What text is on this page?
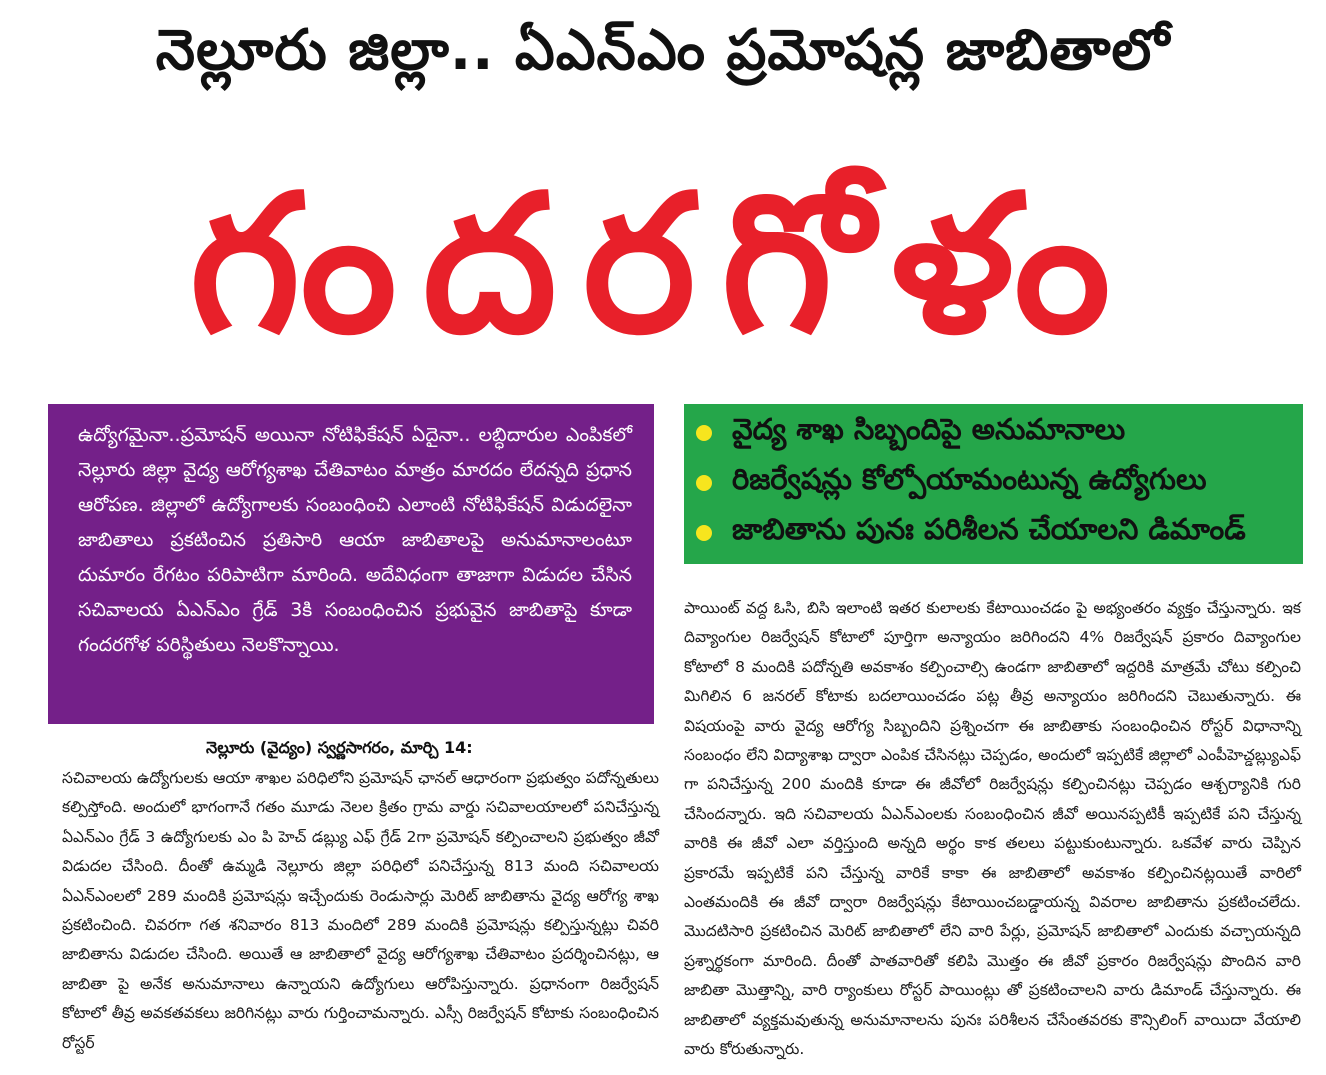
నెల్లూరు జిల్లా.. ఏఎన్ఎం ప్రమోషన్ల జాబితాలో
గందరగోళం
ఉద్యోగమైనా..ప్రమోషన్ అయినా నోటిఫికేషన్ ఏదైనా.. లబ్ధిదారుల ఎంపికలో నెల్లూరు జిల్లా వైద్య ఆరోగ్యశాఖ చేతివాటం మాత్రం మారదం లేదన్నది ప్రధాన ఆరోపణ. జిల్లాలో ఉద్యోగాలకు సంబంధించి ఎలాంటి నోటిఫికేషన్ విడుదలైనా జాబితాలు ప్రకటించిన ప్రతిసారి ఆయా జాబితాలపై అనుమానాలంటూ దుమారం రేగటం పరిపాటిగా మారింది. అదేవిధంగా తాజాగా విడుదల చేసిన సచివాలయ ఏఎన్ఎం గ్రేడ్ 3కి సంబంధించిన ప్రభువైన జాబితాపై కూడా గందరగోళ పరిస్థితులు నెలకొన్నాయి.
వైద్య శాఖ సిబ్బందిపై అనుమానాలు
రిజర్వేషన్లు కోల్పోయామంటున్న ఉద్యోగులు
జాబితాను పునః పరిశీలన చేయాలని డిమాండ్
నెల్లూరు (వైద్యం) స్వర్ణసాగరం, మార్చి 14:
సచివాలయ ఉద్యోగులకు ఆయా శాఖల పరిధిలోని ప్రమోషన్ ఛానల్ ఆధారంగా ప్రభుత్వం పదోన్నతులు కల్పిస్తోంది. అందులో భాగంగానే గతం మూడు నెలల క్రితం గ్రామ వార్డు సచివాలయాలలో పనిచేస్తున్న ఏఎన్ఎం గ్రేడ్ 3 ఉద్యోగులకు ఎం పి హెచ్ డబ్ల్యు ఎఫ్ గ్రేడ్ 2గా ప్రమోషన్ కల్పించాలని ప్రభుత్వం జీవో విడుదల చేసింది. దీంతో ఉమ్మడి నెల్లూరు జిల్లా పరిధిలో పనిచేస్తున్న 813 మంది సచివాలయ ఏఎన్ఎంలలో 289 మందికి ప్రమోషన్లు ఇచ్చేందుకు రెండుసార్లు మెరిట్ జాబితాను వైద్య ఆరోగ్య శాఖ ప్రకటించింది. చివరగా గత శనివారం 813 మందిలో 289 మందికి ప్రమోషన్లు కల్పిస్తున్నట్లు చివరి జాబితాను విడుదల చేసింది. అయితే ఆ జాబితాలో వైద్య ఆరోగ్యశాఖ చేతివాటం ప్రదర్శించినట్లు, ఆ జాబితా పై అనేక అనుమానాలు ఉన్నాయని ఉద్యోగులు ఆరోపిస్తున్నారు. ప్రధానంగా రిజర్వేషన్ కోటాలో తీవ్ర అవకతవకలు జరిగినట్లు వారు గుర్తించామన్నారు. ఎస్సీ రిజర్వేషన్ కోటాకు సంబంధించిన రోస్టర్
పాయింట్ వద్ద ఓసి, బిసి ఇలాంటి ఇతర కులాలకు కేటాయించడం పై అభ్యంతరం వ్యక్తం చేస్తున్నారు. ఇక దివ్యాంగుల రిజర్వేషన్ కోటాలో పూర్తిగా అన్యాయం జరిగిందని 4% రిజర్వేషన్ ప్రకారం దివ్యాంగుల కోటాలో 8 మందికి పదోన్నతి అవకాశం కల్పించాల్సి ఉండగా జాబితాలో ఇద్దరికి మాత్రమే చోటు కల్పించి మిగిలిన 6 జనరల్ కోటాకు బదలాయించడం పట్ల తీవ్ర అన్యాయం జరిగిందని చెబుతున్నారు. ఈ విషయంపై వారు వైద్య ఆరోగ్య సిబ్బందిని ప్రశ్నించగా ఈ జాబితాకు సంబంధించిన రోస్టర్ విధానాన్ని సంబంధం లేని విద్యాశాఖ ద్వారా ఎంపిక చేసినట్లు చెప్పడం, అందులో ఇప్పటికే జిల్లాలో ఎంపీహెచ్డబ్ల్యుఎఫ్ గా పనిచేస్తున్న 200 మందికి కూడా ఈ జీవోలో రిజర్వేషన్లు కల్పించినట్లు చెప్పడం ఆశ్చర్యానికి గురి చేసిందన్నారు. ఇది సచివాలయ ఏఎన్ఎంలకు సంబంధించిన జీవో అయినప్పటికీ ఇప్పటికే పని చేస్తున్న వారికి ఈ జీవో ఎలా వర్తిస్తుంది అన్నది అర్థం కాక తలలు పట్టుకుంటున్నారు. ఒకవేళ వారు చెప్పిన ప్రకారమే ఇప్పటికే పని చేస్తున్న వారికే కాకా ఈ జాబితాలో అవకాశం కల్పించినట్లయితే వారిలో ఎంతమందికి ఈ జీవో ద్వారా రిజర్వేషన్లు కేటాయించబడ్డాయన్న వివరాల జాబితాను ప్రకటించలేదు. మొదటిసారి ప్రకటించిన మెరిట్ జాబితాలో లేని వారి పేర్లు, ప్రమోషన్ జాబితాలో ఎందుకు వచ్చాయన్నది ప్రశ్నార్థకంగా మారింది. దీంతో పాతవారితో కలిపి మొత్తం ఈ జీవో ప్రకారం రిజర్వేషన్లు పొందిన వారి జాబితా మొత్తాన్ని, వారి ర్యాంకులు రోస్టర్ పాయింట్లు తో ప్రకటించాలని వారు డిమాండ్ చేస్తున్నారు. ఈ జాబితాలో వ్యక్తమవుతున్న అనుమానాలను పునః పరిశీలన చేసేంతవరకు కౌన్సిలింగ్ వాయిదా వేయాలి వారు కోరుతున్నారు.
